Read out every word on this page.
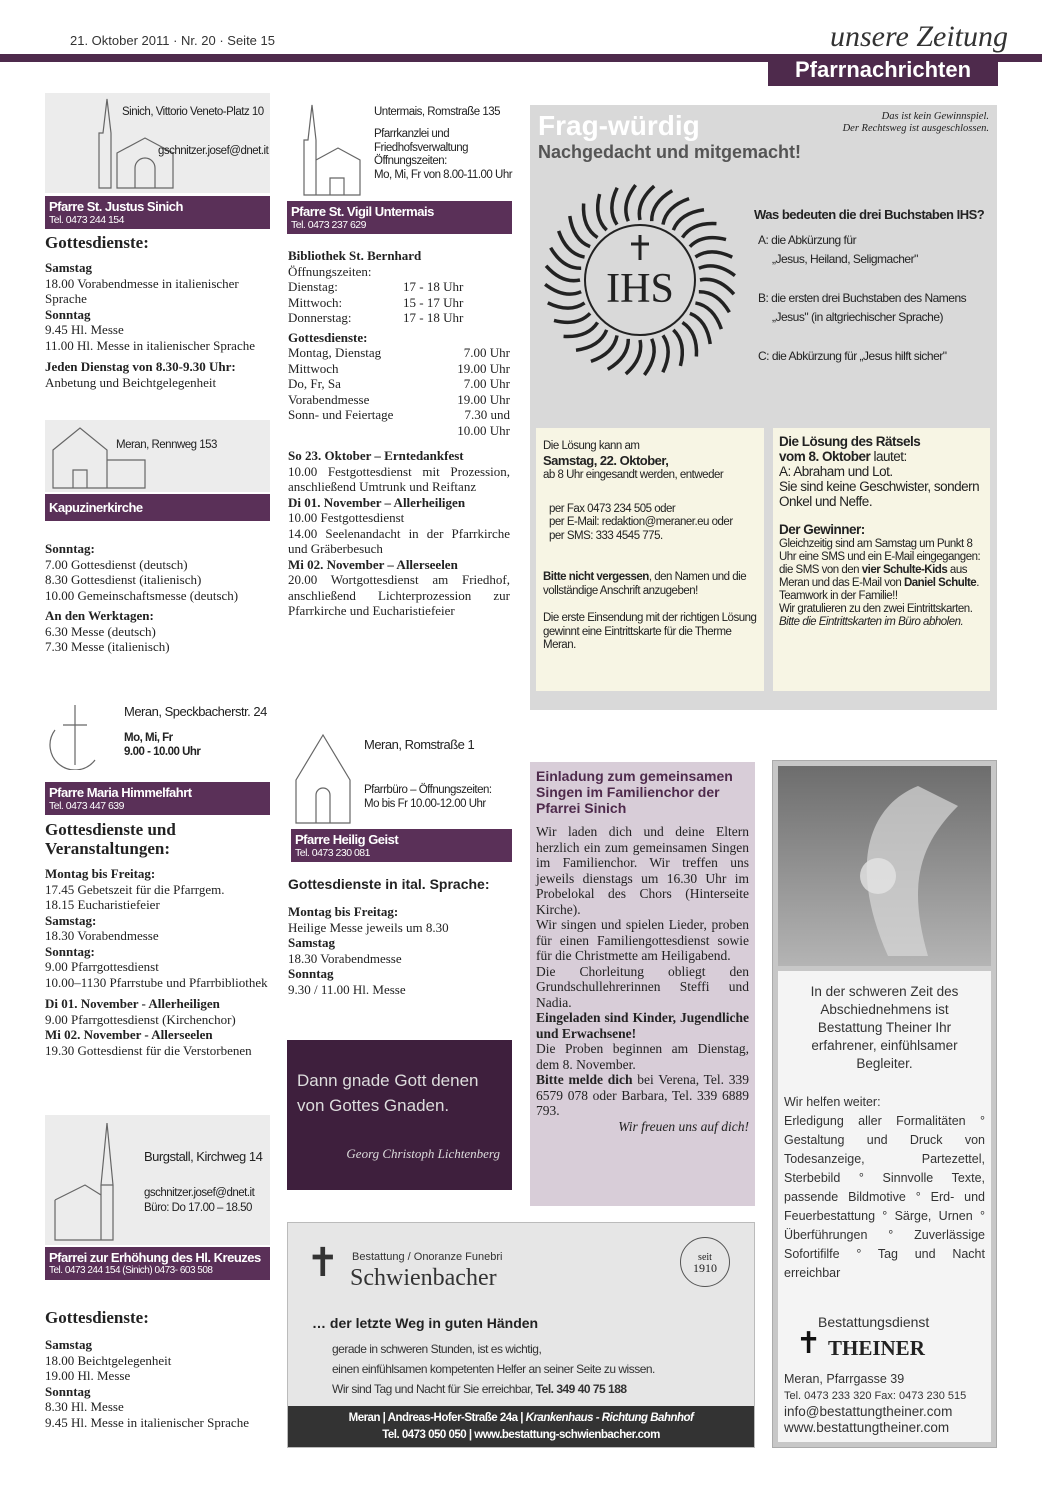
21. Oktober 2011 · Nr. 20 · Seite 15	unsere Zeitung
Pfarrnachrichten
Sinich, Vittorio Veneto-Platz 10
gschnitzer.josef@dnet.it
Pfarre St. Justus Sinich
Tel. 0473 244 154
Gottesdienste:
Samstag
18.00 Vorabendmesse in italienischer Sprache
Sonntag
9.45 Hl. Messe
11.00 Hl. Messe in italienischer Sprache
Jeden Dienstag von 8.30-9.30 Uhr:
Anbetung und Beichtgelegenheit
Meran, Rennweg 153
Kapuzinerkirche
Sonntag:
7.00 Gottesdienst (deutsch)
8.30 Gottesdienst (italienisch)
10.00 Gemeinschaftsmesse (deutsch)
An den Werktagen:
6.30 Messe (deutsch)
7.30 Messe (italienisch)
Meran, Speckbacherstr. 24
Mo, Mi, Fr
9.00 - 10.00 Uhr
Pfarre Maria Himmelfahrt
Tel. 0473 447 639
Gottesdienste und Veranstaltungen:
Montag bis Freitag:
17.45 Gebetszeit für die Pfarrgem.
18.15 Eucharistiefeier
Samstag:
18.30 Vorabendmesse
Sonntag:
9.00 Pfarrgottesdienst
10.00–1130 Pfarrstube und Pfarrbibliothek
Di 01. November - Allerheiligen
9.00 Pfarrgottesdienst (Kirchenchor)
Mi 02. November - Allerseelen
19.30 Gottesdienst für die Verstorbenen
Burgstall, Kirchweg 14
gschnitzer.josef@dnet.it
Büro: Do 17.00 – 18.50
Pfarrei zur Erhöhung des Hl. Kreuzes
Tel. 0473 244 154 (Sinich) 0473- 603 508
Gottesdienste:
Samstag
18.00 Beichtgelegenheit
19.00 Hl. Messe
Sonntag
8.30 Hl. Messe
9.45 Hl. Messe in italienischer Sprache
Untermais, Romstraße 135
Pfarrkanzlei und
Friedhofsverwaltung
Öffnungszeiten:
Mo, Mi, Fr von 8.00-11.00 Uhr
Pfarre St. Vigil Untermais
Tel. 0473 237 629
Bibliothek St. Bernhard
Öffnungszeiten:
Dienstag:	17 - 18 Uhr
Mittwoch:	15 - 17 Uhr
Donnerstag:	17 - 18 Uhr
Gottesdienste:
Montag, Dienstag	7.00 Uhr
Mittwoch	19.00 Uhr
Do, Fr, Sa	7.00 Uhr
Vorabendmesse	19.00 Uhr
Sonn- und Feiertage	7.30 und
10.00 Uhr
So 23. Oktober – Erntedankfest
10.00 Festgottesdienst mit Prozession, anschließend Umtrunk und Reiftanz
Di 01. November – Allerheiligen
10.00 Festgottesdienst
14.00 Seelenandacht in der Pfarrkirche und Gräberbesuch
Mi 02. November – Allerseelen
20.00 Wortgottesdienst am Friedhof, anschließend Lichterprozession zur Pfarrkirche und Eucharistiefeier
Meran, Romstraße 1
Pfarrbüro – Öffnungszeiten:
Mo bis Fr 10.00-12.00 Uhr
Pfarre Heilig Geist
Tel. 0473 230 081
Gottesdienste in ital. Sprache:
Montag bis Freitag:
Heilige Messe jeweils um 8.30
Samstag
18.30 Vorabendmesse
Sonntag
9.30 / 11.00 Hl. Messe
Dann gnade Gott denen von Gottes Gnaden.
Georg Christoph Lichtenberg
Frag-würdig
Nachgedacht und mitgemacht!
Das ist kein Gewinnspiel.
Der Rechtsweg ist ausgeschlossen.
IHS
Was bedeuten die drei Buchstaben IHS?
A: die Abkürzung für
„Jesus, Heiland, Seligmacher"
B: die ersten drei Buchstaben des Namens
„Jesus" (in altgriechischer Sprache)
C: die Abkürzung für „Jesus hilft sicher"
Die Lösung kann am
Samstag, 22. Oktober,
ab 8 Uhr eingesandt werden, entweder
per Fax 0473 234 505 oder
per E-Mail: redaktion@meraner.eu oder
per SMS: 333 4545 775.
Bitte nicht vergessen, den Namen und die vollständige Anschrift anzugeben!
Die erste Einsendung mit der richtigen Lösung gewinnt eine Eintrittskarte für die Therme Meran.
Die Lösung des Rätsels
vom 8. Oktober lautet:
A: Abraham und Lot.
Sie sind keine Geschwister, sondern Onkel und Neffe.
Der Gewinner:
Gleichzeitig sind am Samstag um Punkt 8 Uhr eine SMS und ein E-Mail eingegangen: die SMS von den vier Schulte-Kids aus Meran und das E-Mail von Daniel Schulte. Teamwork in der Familie!!
Wir gratulieren zu den zwei Eintrittskarten.
Bitte die Eintrittskarten im Büro abholen.
Einladung zum gemeinsamen Singen im Familienchor der Pfarrei Sinich
Wir laden dich und deine Eltern herzlich ein zum gemeinsamen Singen im Familienchor. Wir treffen uns jeweils dienstags um 16.30 Uhr im Probelokal des Chors (Hinterseite Kirche).
Wir singen und spielen Lieder, proben für einen Familiengottesdienst sowie für die Christmette am Heiligabend.
Die Chorleitung obliegt den Grundschullehrerinnen Steffi und Nadia.
Eingeladen sind Kinder, Jugendliche und Erwachsene!
Die Proben beginnen am Dienstag, dem 8. November.
Bitte melde dich bei Verena, Tel. 339 6579 078 oder Barbara, Tel. 339 6889 793.

Wir freuen uns auf dich!
In der schweren Zeit des Abschiednehmens ist Bestattung Theiner Ihr erfahrener, einfühlsamer Begleiter.
Wir helfen weiter:
Erledigung aller Formalitäten ° Gestaltung und Druck von Todesanzeige, Partezettel, Sterbebild ° Sinnvolle Texte, passende Bildmotive ° Erd- und Feuerbestattung ° Särge, Urnen ° Überführungen ° Zuverlässige Sofortifilfe ° Tag und Nacht erreichbar
✝
Bestattungsdienst
THEINER
Meran, Pfarrgasse 39
Tel. 0473 233 320 Fax: 0473 230 515
info@bestattungtheiner.com
www.bestattungtheiner.com
✝ Bestattung / Onoranze Funebri
Schwienbacher
seit
1910
… der letzte Weg in guten Händen
gerade in schweren Stunden, ist es wichtig,
einen einfühlsamen kompetenten Helfer an seiner Seite zu wissen.
Wir sind Tag und Nacht für Sie erreichbar, Tel. 349 40 75 188
Meran | Andreas-Hofer-Straße 24a | Krankenhaus - Richtung Bahnhof
Tel. 0473 050 050 | www.bestattung-schwienbacher.com
